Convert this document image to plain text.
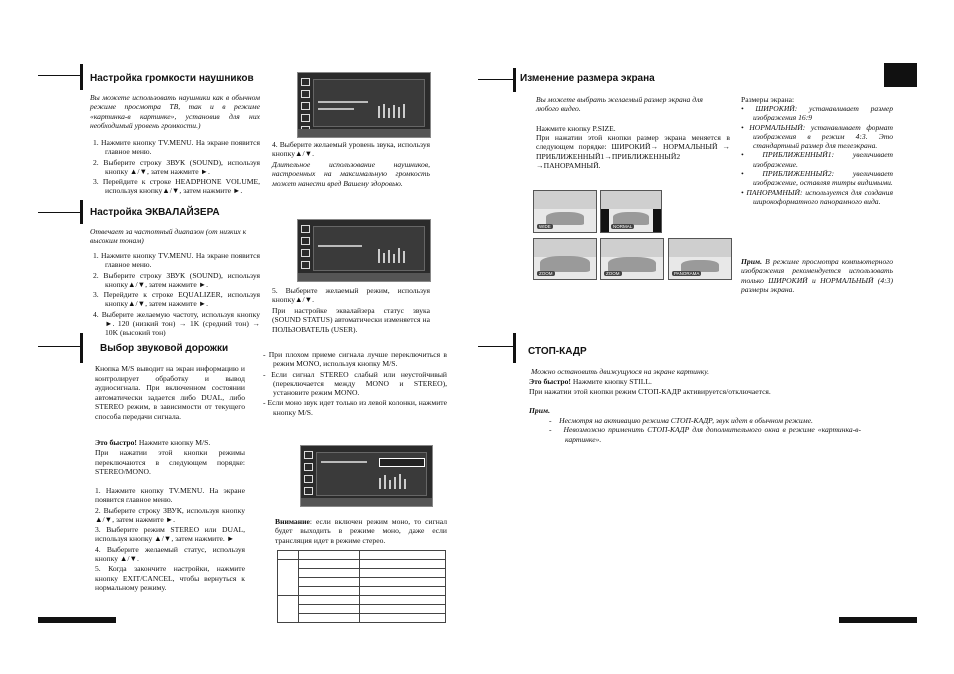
Настройка громкости наушников
Вы можете использовать наушники как в обычном режиме просмотра ТВ, так и в режиме «картинка-в картинке», установив для них необходимый уровень громкости.)
1. Нажмите кнопку TV.MENU. На экране появится главное меню.
2. Выберите строку ЗВУК (SOUND), используя кнопку ▲/▼, затем нажмите ►.
3. Перейдите к строке HEADPHONE VOLUME, используя кнопку▲/▼, затем нажмите ►.
4. Выберите желаемый уровень звука, используя кнопку▲/▼.
Длительное использование наушников, настроенных на максимальную громкость может нанести вред Вашему здоровью.
Настройка ЭКВАЛАЙЗЕРА
Отвечает за частотный диапазон (от низких к высоким тонам)
1. Нажмите кнопку TV.MENU. На экране появится главное меню.
2. Выберите строку ЗВУК (SOUND), используя кнопку▲/▼, затем нажмите ►.
3. Перейдите к строке EQUALIZER, используя кнопку▲/▼, затем нажмите ►.
4. Выберите желаемую частоту, используя кнопку ►. 120 (низкий тон) → 1K (средний тон) → 10K (высокий тон)
5. Выберите желаемый режим, используя кнопку▲/▼.
При настройке эквалайзера статус звука (SOUND STATUS) автоматически изменяется на ПОЛЬЗОВАТЕЛЬ (USER).
Выбор звуковой дорожки
Кнопка M/S выводит на экран информацию и контролирует обработку и вывод аудиосигнала. При включенном состоянии автоматически задается либо DUAL, либо STEREO режим, в зависимости от текущего способа передачи сигнала.
Это быстро! Нажмите кнопку M/S.
При нажатии этой кнопки режимы переключаются в следующем порядке: STEREO/MONO.
1. Нажмите кнопку TV.MENU. На экране появится главное меню.
2. Выберите строку ЗВУК, используя кнопку ▲/▼, затем нажмите ►.
3. Выберите режим STEREO или DUAL, используя кнопку ▲/▼, затем нажмите. ►
4. Выберите желаемый статус, используя кнопку ▲/▼.
5. Когда закончите настройки, нажмите кнопку EXIT/CANCEL, чтобы вернуться к нормальному режиму.
- При плохом приеме сигнала лучше переключиться в режим MONO, используя кнопку M/S.
- Если сигнал STEREO слабый или неустойчивый (переключается между MONO и STEREO), установите режим MONO.
- Если моно звук идет только из левой колонки, нажмите кнопку M/S.
Внимание: если включен режим моно, то сигнал будет выходить в режиме моно, даже если трансляция идет в режиме стерео.

Изменение размера экрана
Вы можете выбрать желаемый размер экрана для любого видео.
Нажмите кнопку P.SIZE.
При нажатии этой кнопки размер экрана меняется в следующем порядке: ШИРОКИЙ→ НОРМАЛЬНЫЙ → ПРИБЛИЖЕННЫЙ1→ПРИБЛИЖЕННЫЙ2 →ПАНОРАМНЫЙ.
WIDE	NORMAL
ZOOM	ZOOM	PANORAMA
Размеры экрана:
• ШИРОКИЙ: устанавливает размер изображения 16:9
• НОРМАЛЬНЫЙ: устанавливает формат изображения в режим 4:3. Это стандартный размер для телеэкрана.
• ПРИБЛИЖЕННЫЙ1: увеличивает изображение.
• ПРИБЛИЖЕННЫЙ2: увеличивает изображение, оставляя титры видимыми.
• ПАНОРАМНЫЙ: используется для создания широкоформатного панорамного вида.
Прим. В режиме просмотра компьютерного изображения рекомендуется использовать только ШИРОКИЙ и НОРМАЛЬНЫЙ (4:3) размеры экрана.
СТОП-КАДР
Можно остановить движущуюся на экране картинку.
Это быстро! Нажмите кнопку STILL.
При нажатии этой кнопки режим СТОП-КАДР активируется/отключается.
Прим.
-    Несмотря на активацию режима СТОП-КАДР, звук идет в обычном режиме.
-    Невозможно применить СТОП-КАДР для дополнительного окна в режиме «картинка-в-картинке».
